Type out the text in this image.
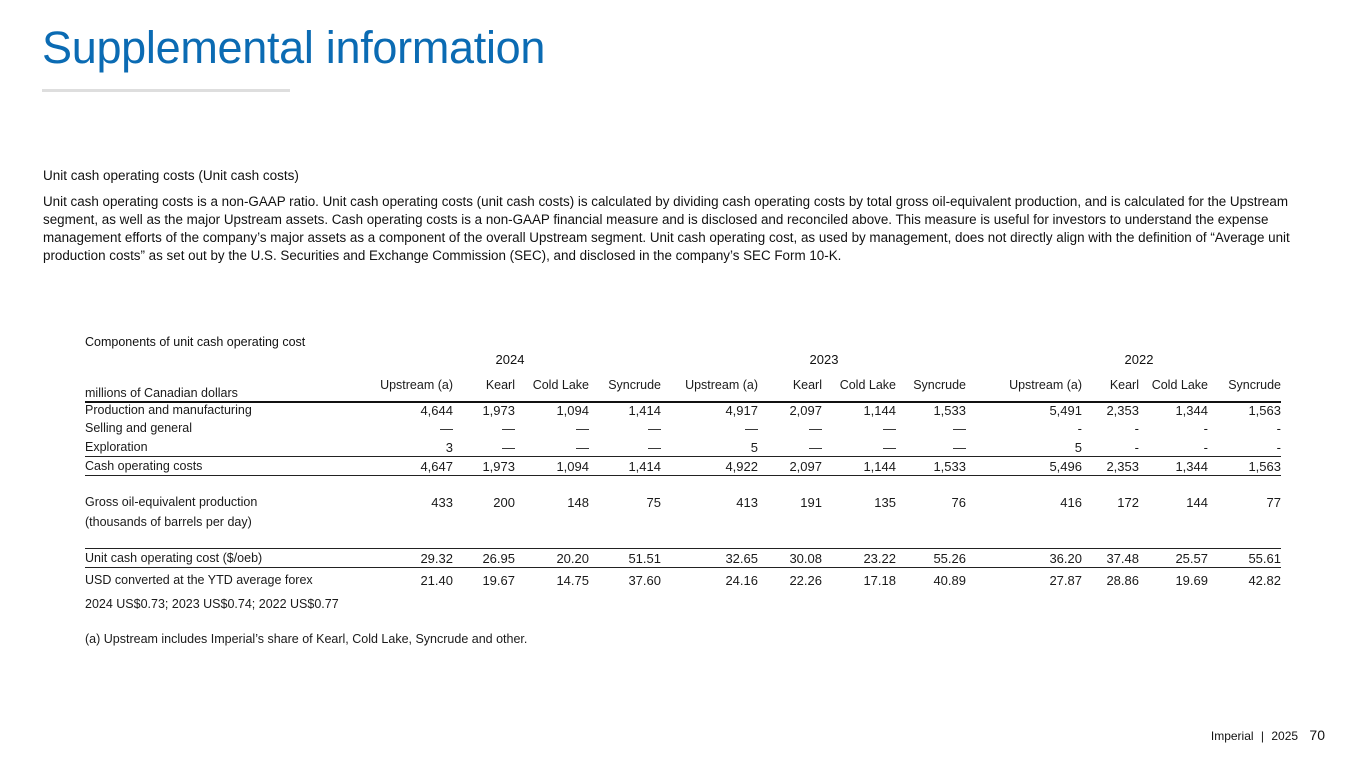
Supplemental information
Unit cash operating costs (Unit cash costs)
Unit cash operating costs is a non-GAAP ratio. Unit cash operating costs (unit cash costs) is calculated by dividing cash operating costs by total gross oil-equivalent production, and is calculated for the Upstream segment, as well as the major Upstream assets. Cash operating costs is a non-GAAP financial measure and is disclosed and reconciled above. This measure is useful for investors to understand the expense management efforts of the company’s major assets as a component of the overall Upstream segment. Unit cash operating cost, as used by management, does not directly align with the definition of “Average unit production costs” as set out by the U.S. Securities and Exchange Commission (SEC), and disclosed in the company’s SEC Form 10-K.
Components of unit cash operating cost
2024	2023	2022
millions of Canadian dollars
Upstream (a)	Kearl	Cold Lake	Syncrude	Upstream (a)	Kearl	Cold Lake	Syncrude	Upstream (a)	Kearl	Cold Lake	Syncrude
Production and manufacturing	4,644	1,973	1,094	1,414	4,917	2,097	1,144	1,533	5,491	2,353	1,344	1,563
Selling and general	—	—	—	—	—	—	—	—	-	-	-	-
Exploration	3	—	—	—	5	—	—	—	5	-	-	-
Cash operating costs	4,647	1,973	1,094	1,414	4,922	2,097	1,144	1,533	5,496	2,353	1,344	1,563
Gross oil-equivalent production	433	200	148	75	413	191	135	76	416	172	144	77
(thousands of barrels per day)
Unit cash operating cost ($/oeb)	29.32	26.95	20.20	51.51	32.65	30.08	23.22	55.26	36.20	37.48	25.57	55.61
USD converted at the YTD average forex	21.40	19.67	14.75	37.60	24.16	22.26	17.18	40.89	27.87	28.86	19.69	42.82
2024 US$0.73; 2023 US$0.74; 2022 US$0.77
(a) Upstream includes Imperial’s share of Kearl, Cold Lake, Syncrude and other.
Imperial | 2025 70
